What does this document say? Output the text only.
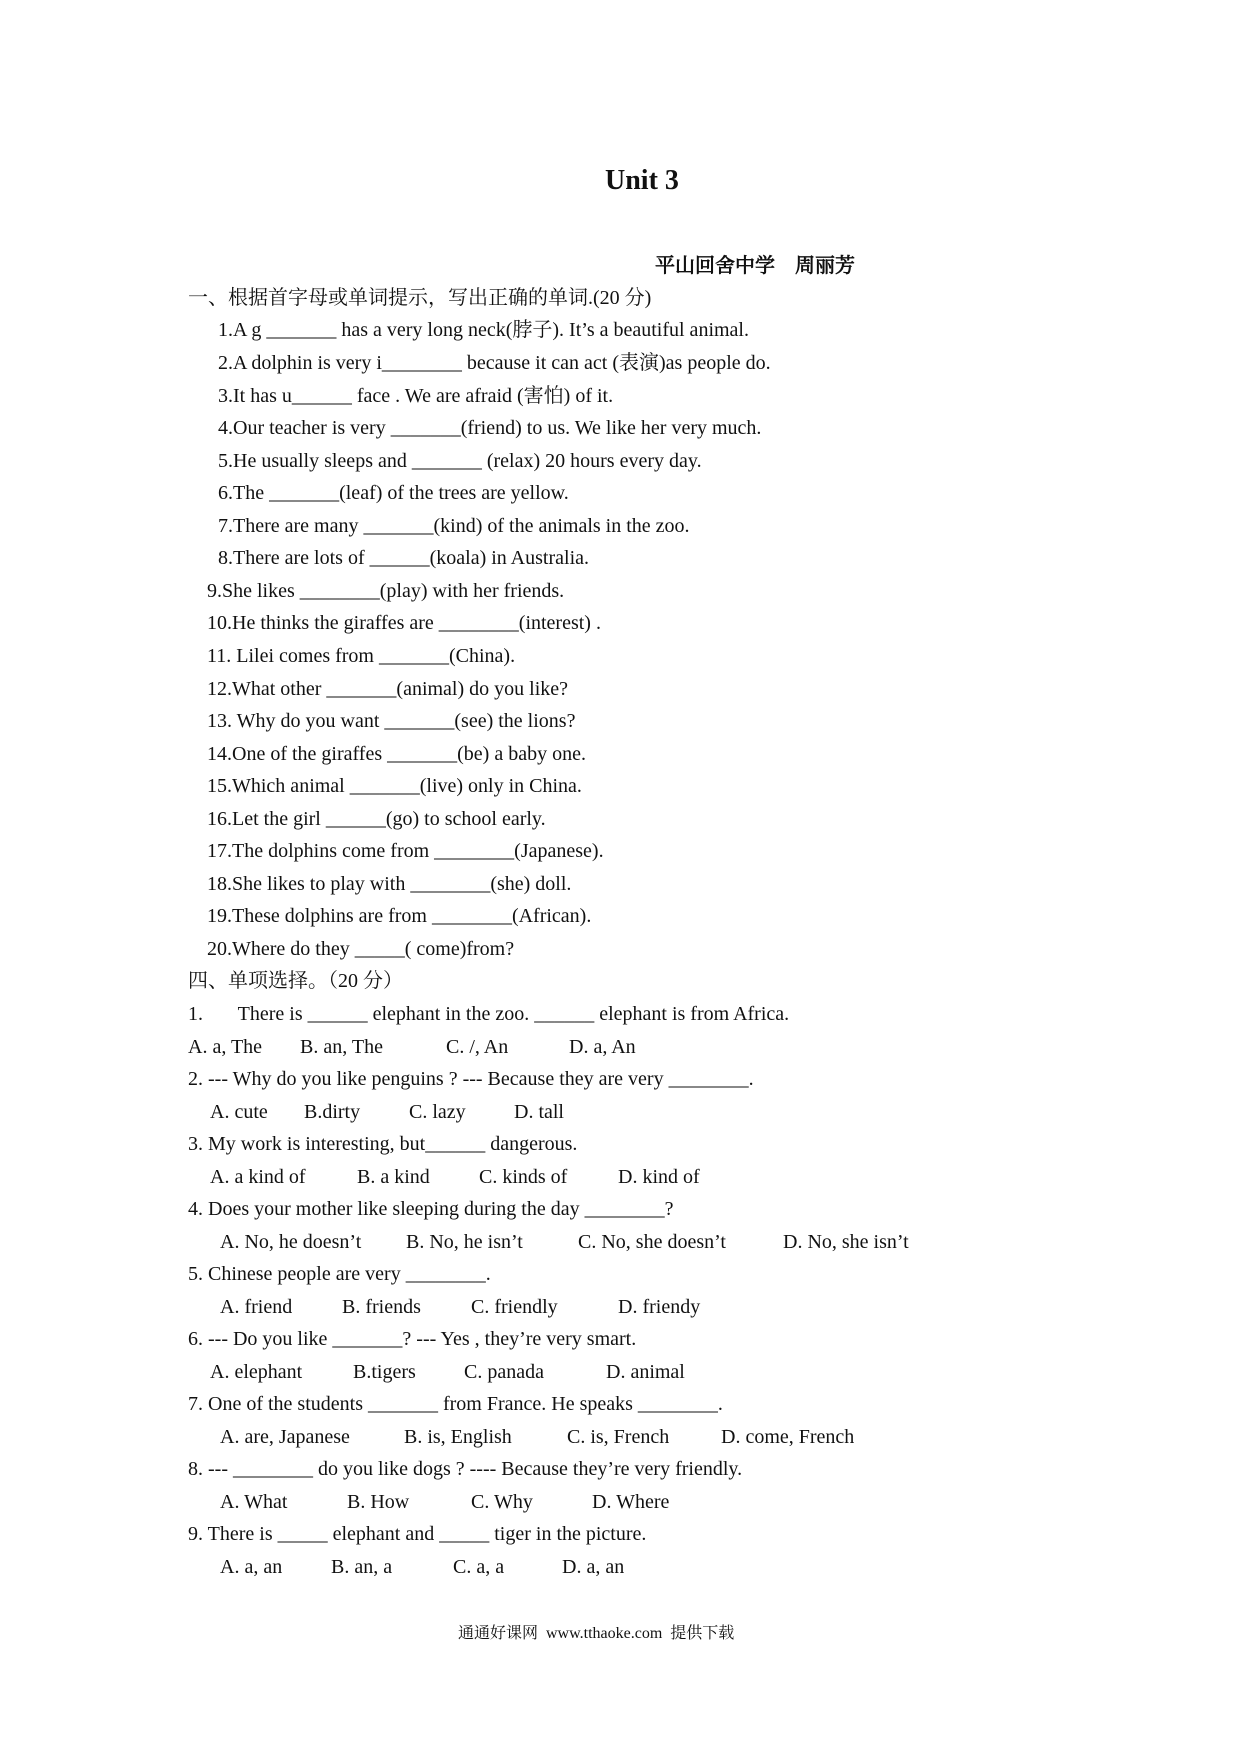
Unit 3
平山回舍中学　周丽芳
一、根据首字母或单词提示，写出正确的单词.(20 分)
1.A g _______ has a very long neck(脖子). It’s a beautiful animal.
2.A dolphin is very i________ because it can act (表演)as people do.
3.It has u______ face . We are afraid (害怕) of it.
4.Our teacher is very _______(friend) to us. We like her very much.
5.He usually sleeps and _______ (relax) 20 hours every day.
6.The _______(leaf) of the trees are yellow.
7.There are many _______(kind) of the animals in the zoo.
8.There are lots of ______(koala) in Australia.
9.She likes ________(play) with her friends.
10.He thinks the giraffes are ________(interest) .
11. Lilei comes from _______(China).
12.What other _______(animal) do you like?
13. Why do you want _______(see) the lions?
14.One of the giraffes _______(be) a baby one.
15.Which animal _______(live) only in China.
16.Let the girl ______(go) to school early.
17.The dolphins come from ________(Japanese).
18.She likes to play with ________(she) doll.
19.These dolphins are from ________(African).
20.Where do they _____( come)from?
四、单项选择。（20 分）
1.       There is ______ elephant in the zoo. ______ elephant is from Africa.
A. a, The B. an, The	C. /, An	D. a, An
2. --- Why do you like penguins ? --- Because they are very ________.
A. cute B.dirty C. lazy D. tall
3. My work is interesting, but______ dangerous.
A. a kind of	B. a kind C. kinds of	D. kind of
4. Does your mother like sleeping during the day ________?
A. No, he doesn’t B. No, he isn’t	C. No, she doesn’t	D. No, she isn’t
5. Chinese people are very ________.
A. friend B. friends	C. friendly	D. friendy
6. --- Do you like _______? --- Yes , they’re very smart.
A. elephant	B.tigers C. panada	D. animal
7. One of the students _______ from France. He speaks ________.
A. are, Japanese	B. is, English	C. is, French	D. come, French
8. --- ________ do you like dogs ? ---- Because they’re very friendly.
A. What	B. How	C. Why	D. Where
9. There is _____ elephant and _____ tiger in the picture.
A. a, an B. an, a	C. a, a	D. a, an
通通好课网  www.tthaoke.com  提供下载
